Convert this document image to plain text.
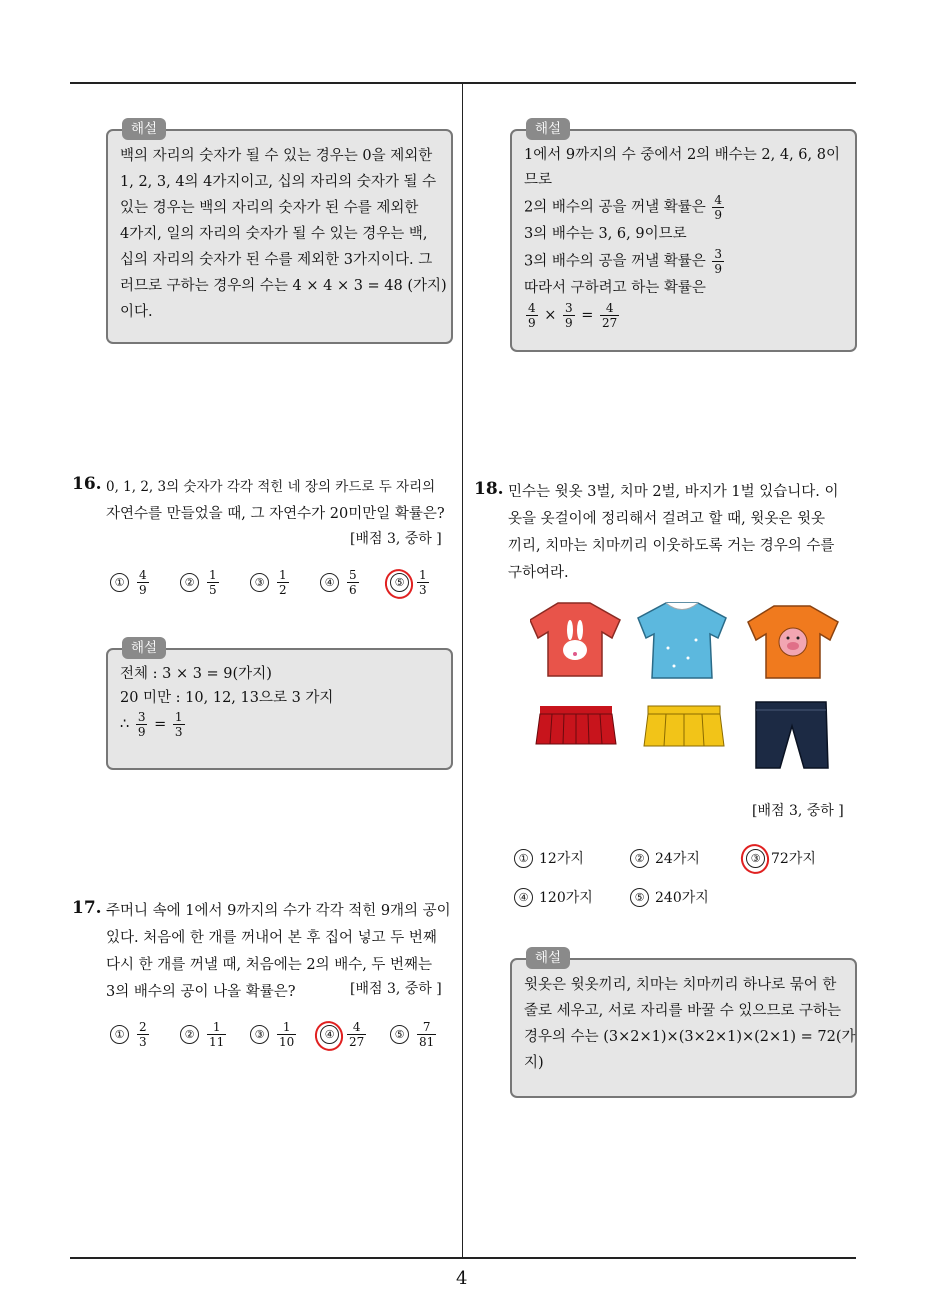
4
해설
백의 자리의 숫자가 될 수 있는 경우는 0을 제외한
1, 2, 3, 4의 4가지이고, 십의 자리의 숫자가 될 수
있는 경우는 백의 자리의 숫자가 된 수를 제외한
4가지, 일의 자리의 숫자가 될 수 있는 경우는 백,
십의 자리의 숫자가 된 수를 제외한 3가지이다. 그
러므로 구하는 경우의 수는 4 × 4 × 3 = 48 (가지)
이다.
16. 0, 1, 2, 3의 숫자가 각각 적힌 네 장의 카드로 두 자리의
자연수를 만들었을 때, 그 자연수가 20미만일 확률은?
[배점 3, 중하 ]
①	$\frac{4}{9}$	②	$\frac{1}{5}$	③	$\frac{1}{2}$	④	$\frac{5}{6}$	⑤	$\frac{1}{3}$
해설
전체 : 3 × 3 = 9(가지)
20 미만 : 10, 12, 13으로 3 가지
∴ $\frac{3}{9} = \frac{1}{3}$
17. 주머니 속에 1에서 9까지의 수가 각각 적힌 9개의 공이
있다. 처음에 한 개를 꺼내어 본 후 집어 넣고 두 번째
다시 한 개를 꺼낼 때, 처음에는 2의 배수, 두 번째는
3의 배수의 공이 나올 확률은?	[배점 3, 중하 ]
①	$\frac{2}{3}$	②	$\frac{1}{11}$	③	$\frac{1}{10}$	④	$\frac{4}{27}$	⑤	$\frac{7}{81}$
해설
1에서 9까지의 수 중에서 2의 배수는 2, 4, 6, 8이
므로
2의 배수의 공을 꺼낼 확률은 $\frac{4}{9}$
3의 배수는 3, 6, 9이므로
3의 배수의 공을 꺼낼 확률은 $\frac{3}{9}$
따라서 구하려고 하는 확률은
$\frac{4}{9} \times \frac{3}{9} = \frac{4}{27}$
18. 민수는 윗옷 3벌, 치마 2벌, 바지가 1벌 있습니다. 이
옷을 옷걸이에 정리해서 걸려고 할 때, 윗옷은 윗옷
끼리, 치마는 치마끼리 이웃하도록 거는 경우의 수를
구하여라.
[배점 3, 중하 ]
① 12가지	② 24가지	③ 72가지
④ 120가지	⑤ 240가지
해설
윗옷은 윗옷끼리, 치마는 치마끼리 하나로 묶어 한
줄로 세우고, 서로 자리를 바꿀 수 있으므로 구하는
경우의 수는 (3×2×1)×(3×2×1)×(2×1) = 72(가
지)
